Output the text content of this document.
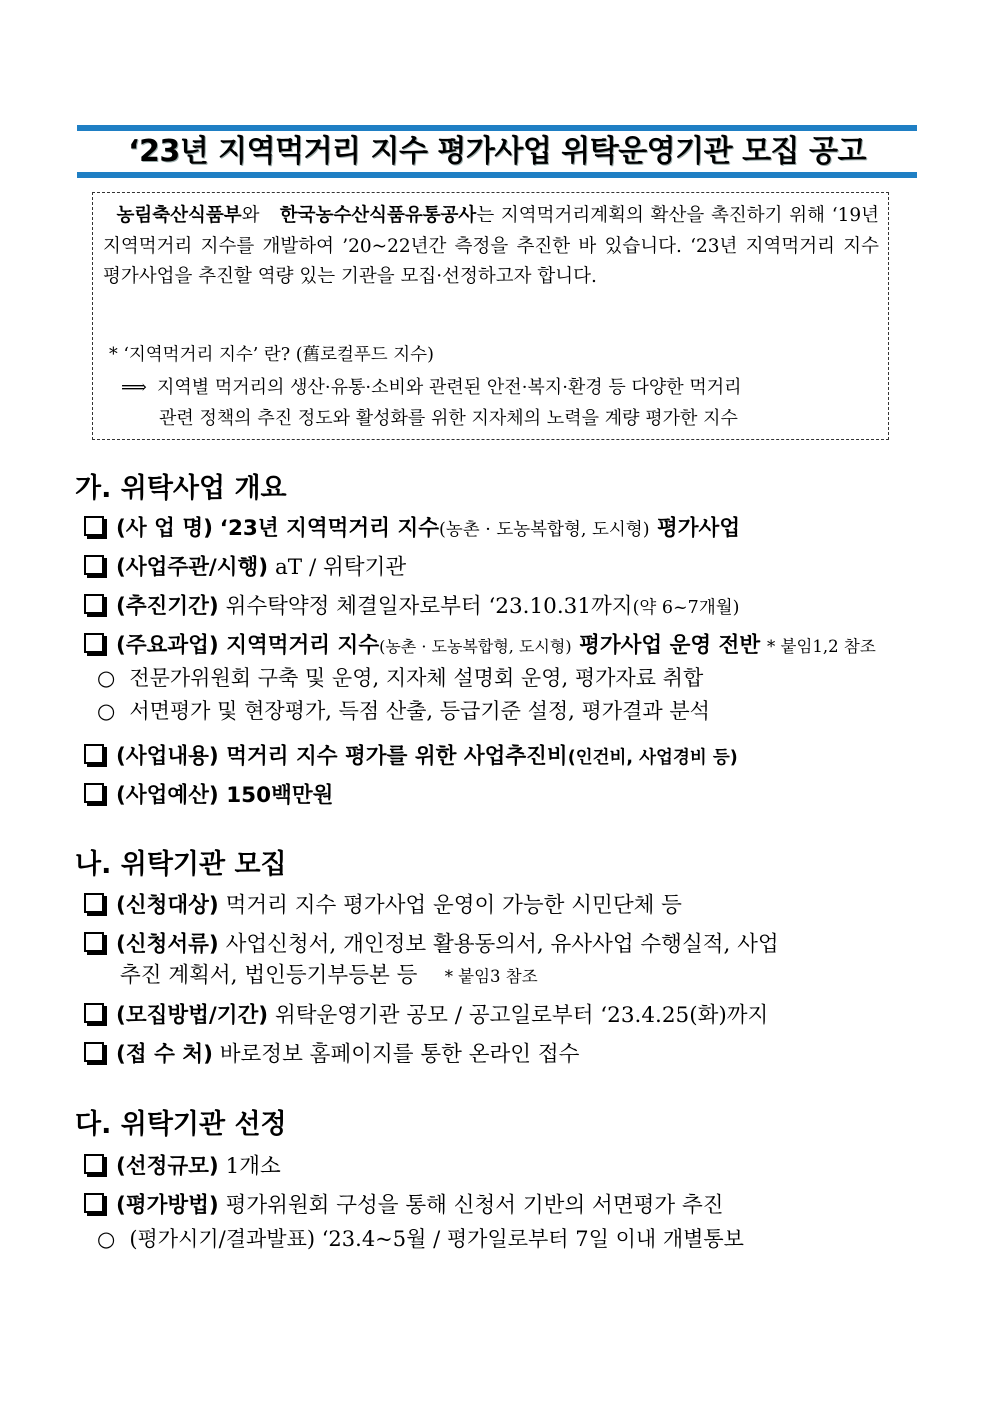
‘23년 지역먹거리 지수 평가사업 위탁운영기관 모집 공고
농림축산식품부와 한국농수산식품유통공사는 지역먹거리계획의 확산을 촉진하기 위해 ‘19년 지역먹거리 지수를 개발하여 ’20~22년간 측정을 추진한 바 있습니다. ‘23년 지역먹거리 지수 평가사업을 추진할 역량 있는 기관을 모집·선정하고자 합니다.
* ‘지역먹거리 지수’ 란? (舊로컬푸드 지수)
⟹ 지역별 먹거리의 생산·유통·소비와 관련된 안전·복지·환경 등 다양한 먹거리
관련 정책의 추진 정도와 활성화를 위한 지자체의 노력을 계량 평가한 지수
가. 위탁사업 개요
(사 업 명) ‘23년 지역먹거리 지수(농촌 · 도농복합형, 도시형) 평가사업
(사업주관/시행) aT / 위탁기관
(추진기간) 위수탁약정 체결일자로부터 ‘23.10.31까지(약 6~7개월)
(주요과업) 지역먹거리 지수(농촌 · 도농복합형, 도시형) 평가사업 운영 전반 * 붙임1,2 참조
○ 전문가위원회 구축 및 운영, 지자체 설명회 운영, 평가자료 취합
○ 서면평가 및 현장평가, 득점 산출, 등급기준 설정, 평가결과 분석
(사업내용) 먹거리 지수 평가를 위한 사업추진비(인건비, 사업경비 등)
(사업예산) 150백만원
나. 위탁기관 모집
(신청대상) 먹거리 지수 평가사업 운영이 가능한 시민단체 등
(신청서류) 사업신청서, 개인정보 활용동의서, 유사사업 수행실적, 사업
추진 계획서, 법인등기부등본 등 * 붙임3 참조
(모집방법/기간) 위탁운영기관 공모 / 공고일로부터 ‘23.4.25(화)까지
(접 수 처) 바로정보 홈페이지를 통한 온라인 접수
다. 위탁기관 선정
(선정규모) 1개소
(평가방법) 평가위원회 구성을 통해 신청서 기반의 서면평가 추진
○ (평가시기/결과발표) ‘23.4~5월 / 평가일로부터 7일 이내 개별통보
